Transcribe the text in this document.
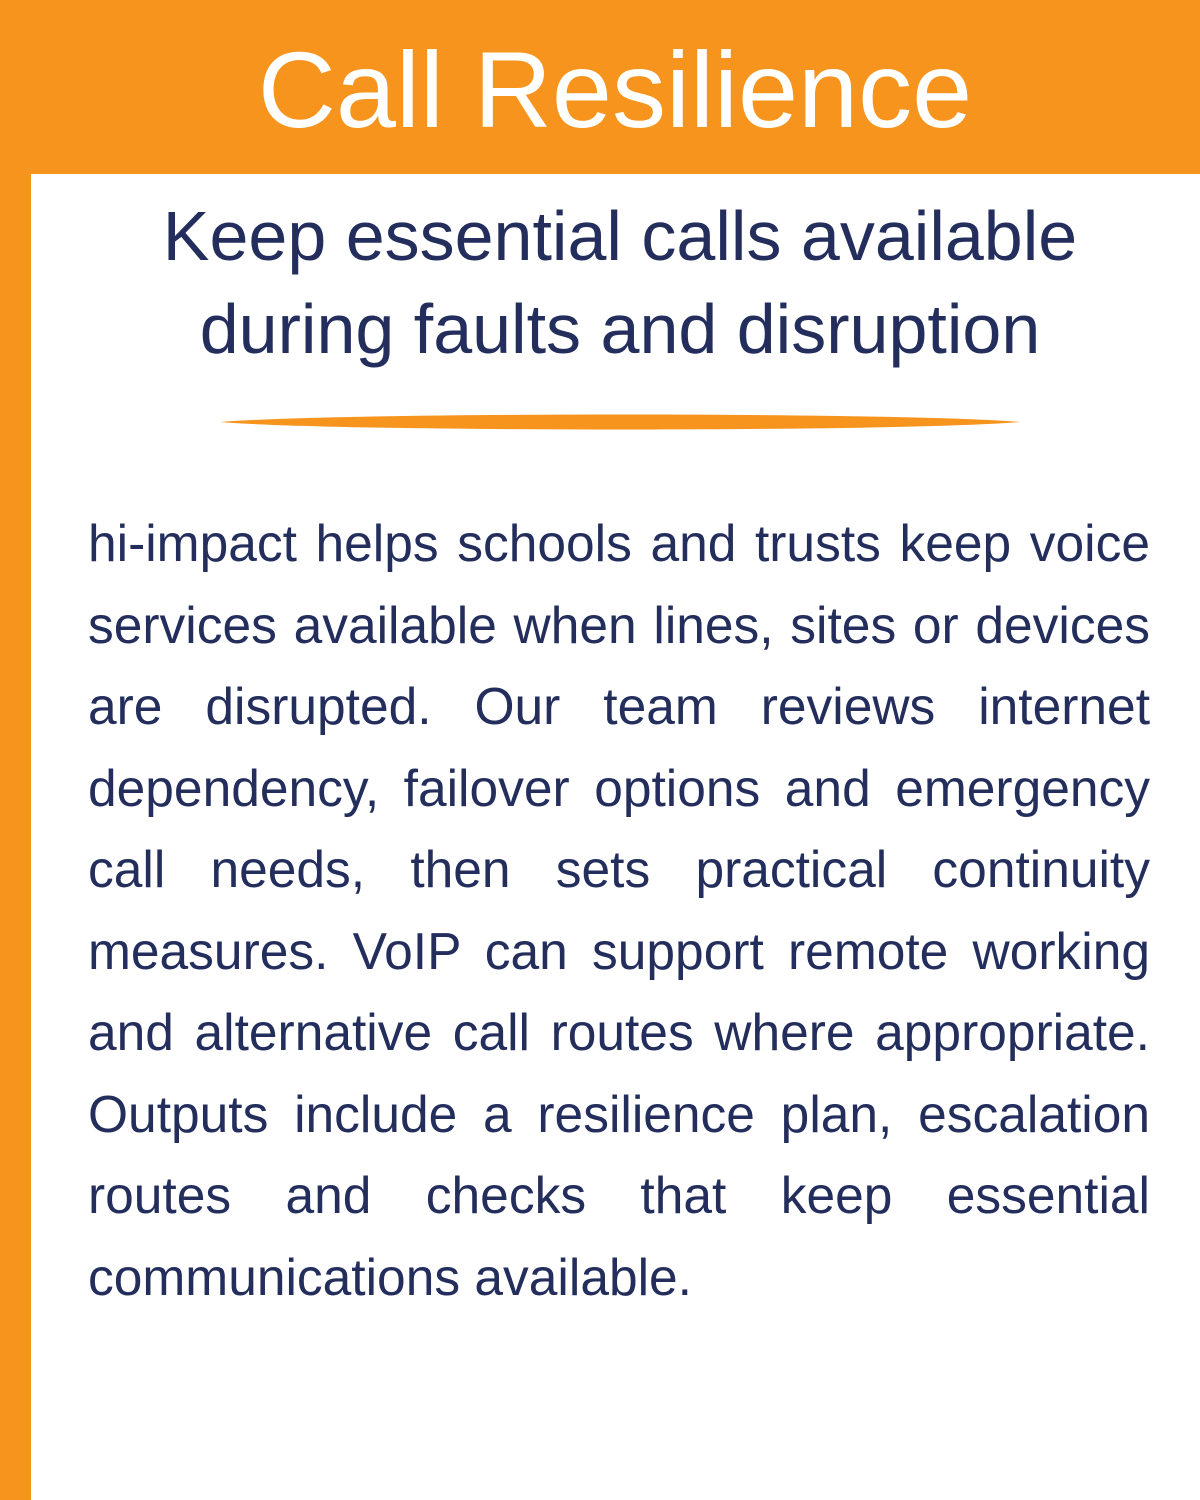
Call Resilience
Keep essential calls available during faults and disruption

hi-impact helps schools and trusts keep voice services available when lines, sites or devices are disrupted. Our team reviews internet dependency, failover options and emergency call needs, then sets practical continuity measures. VoIP can support remote working and alternative call routes where appropriate. Outputs include a resilience plan, escalation routes and checks that keep essential communications available.
